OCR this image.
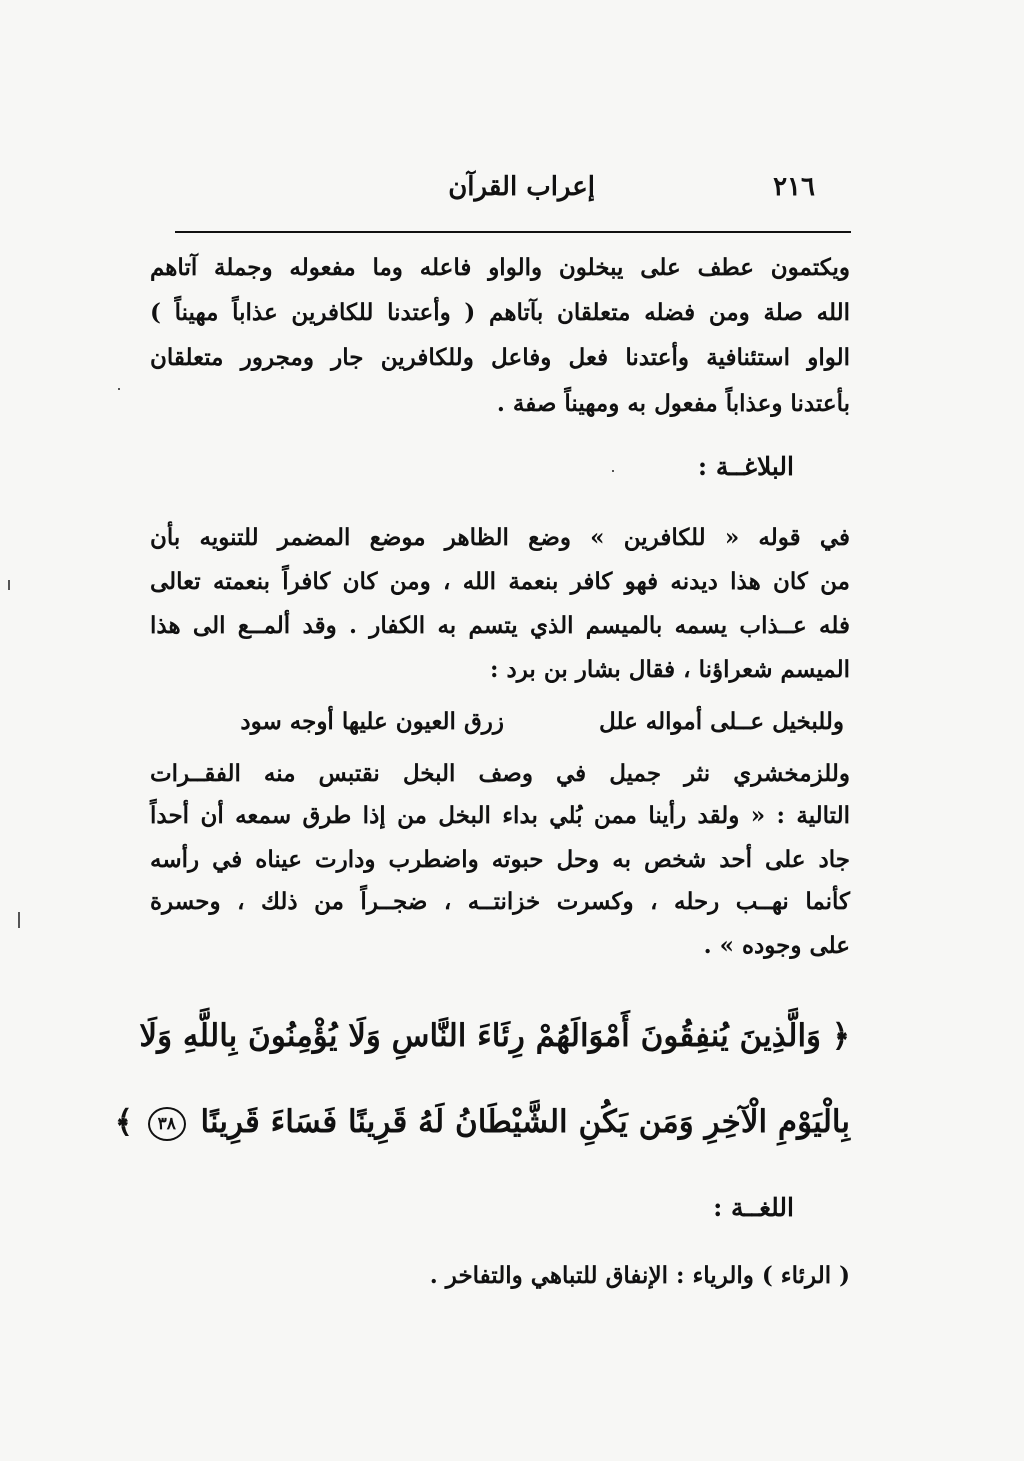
٢١٦
إعراب القرآن
ويكتمون عطف على يبخلون والواو فاعله وما مفعوله وجملة آتاهم
الله صلة ومن فضله متعلقان بآتاهم ( وأعتدنا للكافرين عذاباً مهيناً )
الواو استئنافية وأعتدنا فعل وفاعل وللكافرين جار ومجرور متعلقان
بأعتدنا وعذاباً مفعول به ومهيناً صفة .
البلاغــة :
في قوله « للكافرين » وضع الظاهر موضع المضمر للتنويه بأن
من كان هذا ديدنه فهو كافر بنعمة الله ، ومن كان كافراً بنعمته تعالى
فله عــذاب يسمه بالميسم الذي يتسم به الكفار . وقد ألمــع الى هذا
الميسم شعراؤنا ، فقال بشار بن برد :
وللبخيل عــلى أمواله علل
زرق العيون عليها أوجه سود
وللزمخشري نثر جميل في وصف البخل نقتبس منه الفقــرات
التالية : « ولقد رأينا ممن بُلي بداء البخل من إذا طرق سمعه أن أحداً
جاد على أحد شخص به وحل حبوته واضطرب ودارت عيناه في رأسه
كأنما نهــب رحله ، وكسرت خزانتــه ، ضجــراً من ذلك ، وحسرة
على وجوده » .
﴿ وَالَّذِينَ يُنفِقُونَ أَمْوَالَهُمْ رِئَاءَ النَّاسِ وَلَا يُؤْمِنُونَ بِاللَّهِ وَلَا
بِالْيَوْمِ الْآخِرِ وَمَن يَكُنِ الشَّيْطَانُ لَهُ قَرِينًا فَسَاءَ قَرِينًا ٣٨ ﴾
اللغــة :
( الرئاء ) والرياء : الإنفاق للتباهي والتفاخر .
